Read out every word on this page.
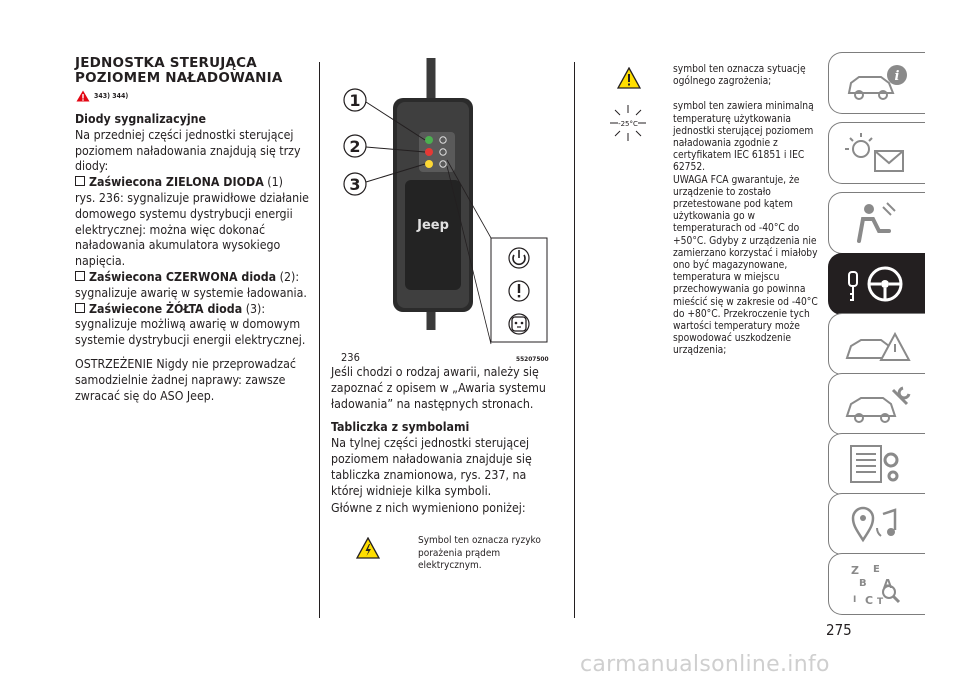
JEDNOSTKA STERUJĄCA POZIOMEM NAŁADOWANIA
343) 344)

Diody sygnalizacyjne

Na przedniej części jednostki sterującej poziomem naładowania znajdują się trzy diody:

Zaświecona ZIELONA DIODA (1)

rys. 236: sygnalizuje prawidłowe działanie domowego systemu dystrybucji energii elektrycznej: można więc dokonać naładowania akumulatora wysokiego napięcia.

Zaświecona CZERWONA dioda (2):

sygnalizuje awarię w systemie ładowania.

Zaświecone ŻÓŁTA dioda (3):

sygnalizuje możliwą awarię w domowym systemie dystrybucji energii elektrycznej.

OSTRZEŻENIE Nigdy nie przeprowadzać samodzielnie żadnej naprawy: zawsze zwracać się do ASO Jeep.

Jeep
1
2
3
236	55207500

Jeśli chodzi o rodzaj awarii, należy się zapoznać z opisem w „Awaria systemu ładowania” na następnych stronach.

Tabliczka z symbolami

Na tylnej części jednostki sterującej poziomem naładowania znajduje się tabliczka znamionowa, rys. 237, na której widnieje kilka symboli.

Główne z nich wymieniono poniżej:

Symbol ten oznacza ryzyko porażenia prądem elektrycznym.
-25°C

symbol ten oznacza sytuację ogólnego zagrożenia;

symbol ten zawiera minimalną temperaturę użytkowania jednostki sterującej poziomem naładowania zgodnie z certyfikatem IEC 61851 i IEC 62752.

UWAGA FCA gwarantuje, że urządzenie to zostało przetestowane pod kątem użytkowania go w temperaturach od -40°C do +50°C. Gdyby z urządzenia nie zamierzano korzystać i miałoby ono być magazynowane, temperatura w miejscu przechowywania go powinna mieścić się w zakresie od -40°C do +80°C. Przekroczenie tych wartości temperatury może spowodować uszkodzenie urządzenia;

i
Z E
B A
I C T
275
carmanualsonline.info
